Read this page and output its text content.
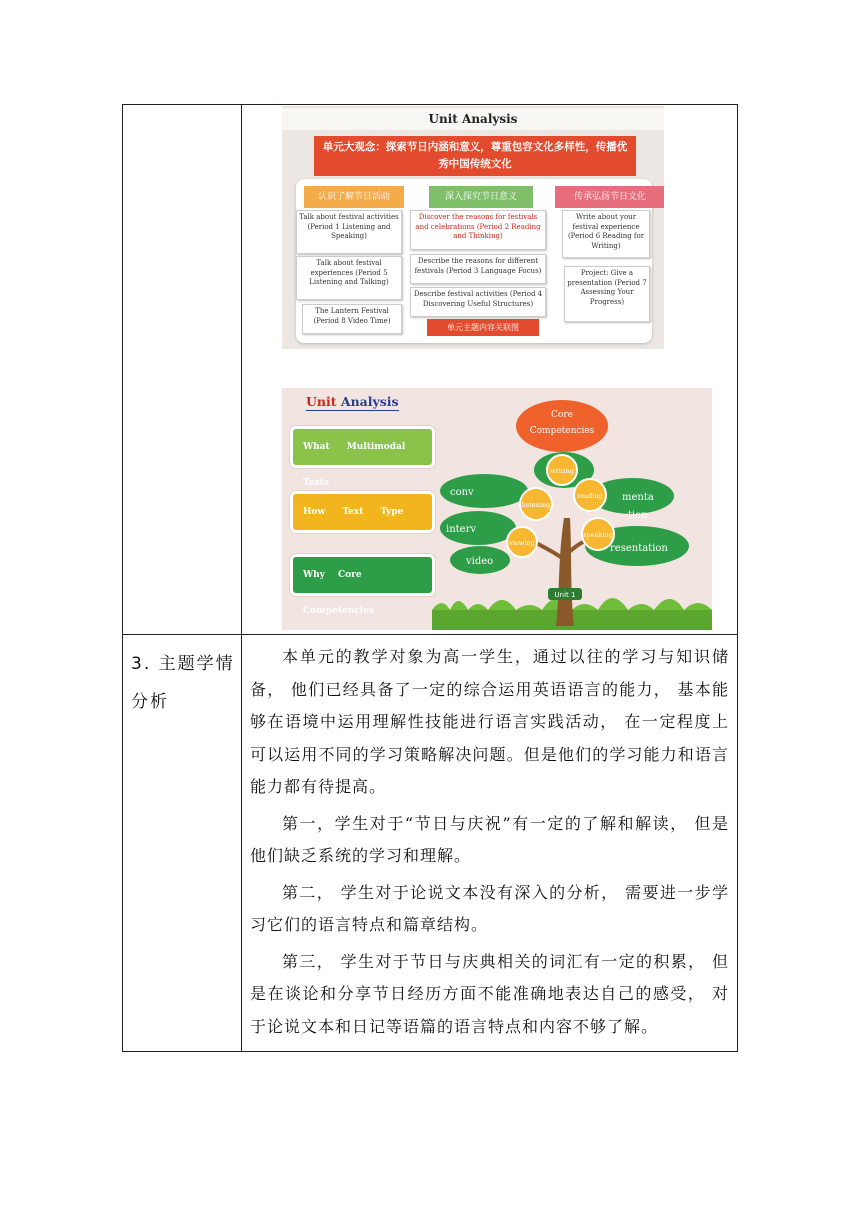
Unit Analysis
单元大观念：探索节日内涵和意义，尊重包容文化多样性，传播优秀中国传统文化
认识了解节日活动	深入探究节日意义	传承弘扬节日文化
Talk about festival activities (Period 1 Listening and Speaking)
Talk about festival experiences (Period 5 Listening and Talking)
The Lantern Festival (Period 8 Video Time)
Discover the reasons for festivals and celebrations (Period 2 Reading and Thinking)
Describe the reasons for different festivals (Period 3 Language Focus)
Describe festival activities (Period 4 Discovering Useful Structures)
Write about your festival experience (Period 6 Reading for Writing)
Project: Give a presentation (Period 7 Assessing Your Progress)
单元主题内容关联图
Unit Analysis
What Multimodal Texts
How Text Type
Why Core Competencies
conv	menta
tion
interv
resentation
video
Core
Competencies
writing
listening
reading
speaking
viewing
Unit 1

3. 主题学情分析	本单元的教学对象为高一学生，通过以往的学习与知识储备， 他们已经具备了一定的综合运用英语语言的能力， 基本能够在语境中运用理解性技能进行语言实践活动， 在一定程度上可以运用不同的学习策略解决问题。但是他们的学习能力和语言能力都有待提高。

第一，学生对于“节日与庆祝”有一定的了解和解读， 但是他们缺乏系统的学习和理解。

第二， 学生对于论说文本没有深入的分析， 需要进一步学习它们的语言特点和篇章结构。

第三， 学生对于节日与庆典相关的词汇有一定的积累， 但是在谈论和分享节日经历方面不能准确地表达自己的感受， 对于论说文本和日记等语篇的语言特点和内容不够了解。
